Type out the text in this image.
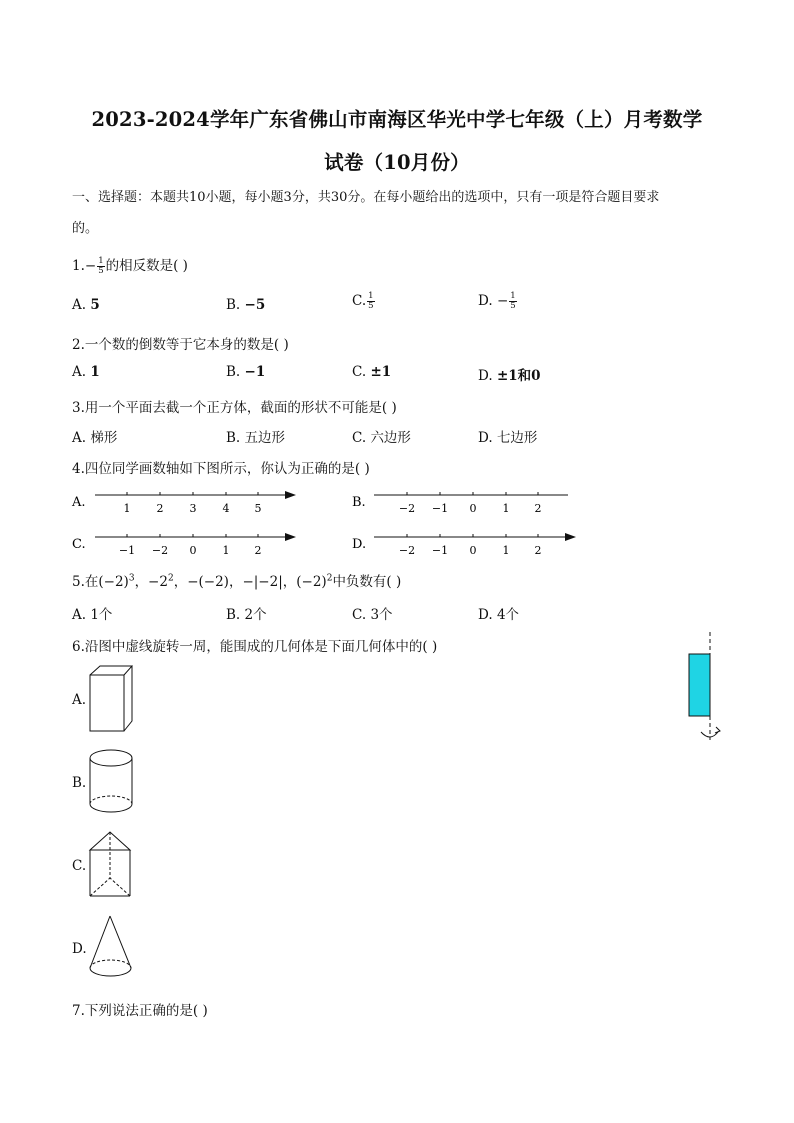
2023-2024学年广东省佛山市南海区华光中学七年级（上）月考数学
试卷（10月份）
一、选择题：本题共10小题，每小题3分，共30分。在每小题给出的选项中，只有一项是符合题目要求
的。
$1.- \frac{1}{5}$ 的相反数是( )
A. 5	B. −5	C. $\frac{1}{5}$	D. − $\frac{1}{5}$
2.一个数的倒数等于它本身的数是( )
A. 1	B. −1	C. ±1	D. ±1和0
3.用一个平面去截一个正方体，截面的形状不可能是( )
A. 梯形	B. 五边形	C. 六边形	D. 七边形
4.四位同学画数轴如下图所示，你认为正确的是( )
A.	1 2 3 4 5	B.	−2 −1 0 1 2
C.	−1 −2 0 1 2	D.	−2 −1 0 1 2
5.在$(-2)^3$，$-2^2$，−(−2)，−|−2|，$(-2)^2$中负数有( )
A. 1个	B. 2个	C. 3个	D. 4个
6.沿图中虚线旋转一周，能围成的几何体是下面几何体中的( )
A.
B.
C.
D.
7.下列说法正确的是( )
